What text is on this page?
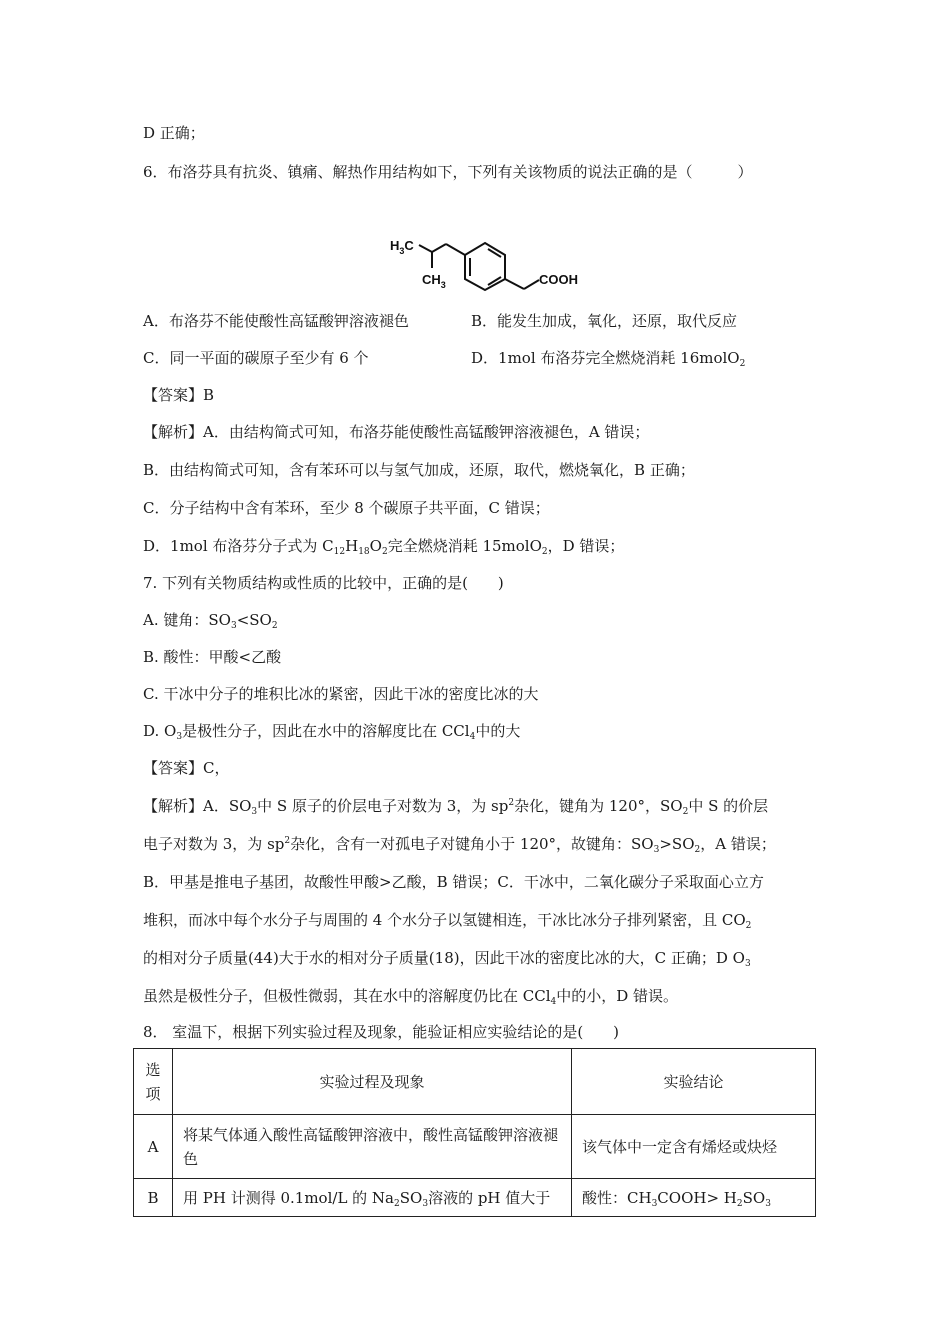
D 正确；
6．布洛芬具有抗炎、镇痛、解热作用结构如下，下列有关该物质的说法正确的是（　　　）
$H_3C$
$CH_3$	COOH
A．布洛芬不能使酸性高锰酸钾溶液褪色	B．能发生加成，氧化，还原，取代反应
C．同一平面的碳原子至少有 6 个	D．1mol 布洛芬完全燃烧消耗 16molO$_2$
【答案】B
【解析】A．由结构简式可知，布洛芬能使酸性高锰酸钾溶液褪色，A 错误；
B．由结构简式可知，含有苯环可以与氢气加成，还原，取代，燃烧氧化，B 正确；
C．分子结构中含有苯环，至少 8 个碳原子共平面，C 错误；
D．1mol 布洛芬分子式为 $C_{12}H_{18}O_2$完全燃烧消耗 15molO$_2$，D 错误；
7. 下列有关物质结构或性质的比较中，正确的是(　　)
A. 键角：$SO_3<SO_2$
B. 酸性：甲酸<乙酸
C. 干冰中分子的堆积比冰的紧密，因此干冰的密度比冰的大
D. $O_3$是极性分子，因此在水中的溶解度比在 CCl$_4$中的大
【答案】C，
【解析】A．$SO_3$中 S 原子的价层电子对数为 3，为 $sp^2$杂化，键角为 120°，$SO_2$中 S 的价层
电子对数为 3，为 $sp^2$杂化，含有一对孤电子对键角小于 120°，故键角：$SO_3>SO_2$，A 错误；
B．甲基是推电子基团，故酸性甲酸>乙酸，B 错误；C．干冰中，二氧化碳分子采取面心立方
堆积，而冰中每个水分子与周围的 4 个水分子以氢键相连，干冰比冰分子排列紧密，且 $CO_2$
的相对分子质量(44)大于水的相对分子质量(18)，因此干冰的密度比冰的大，C 正确；D $O_3$
虽然是极性分子，但极性微弱，其在水中的溶解度仍比在 CCl$_4$中的小，D 错误。
8． 室温下，根据下列实验过程及现象，能验证相应实验结论的是(　　)
选项	实验过程及现象	实验结论
A	将某气体通入酸性高锰酸钾溶液中，酸性高锰酸钾溶液褪色	该气体中一定含有烯烃或炔烃
B	用 PH 计测得 0.1mol/L 的 $Na_2SO_3$溶液的 pH 值大于	酸性：$CH_3COOH> H_2SO_3$
